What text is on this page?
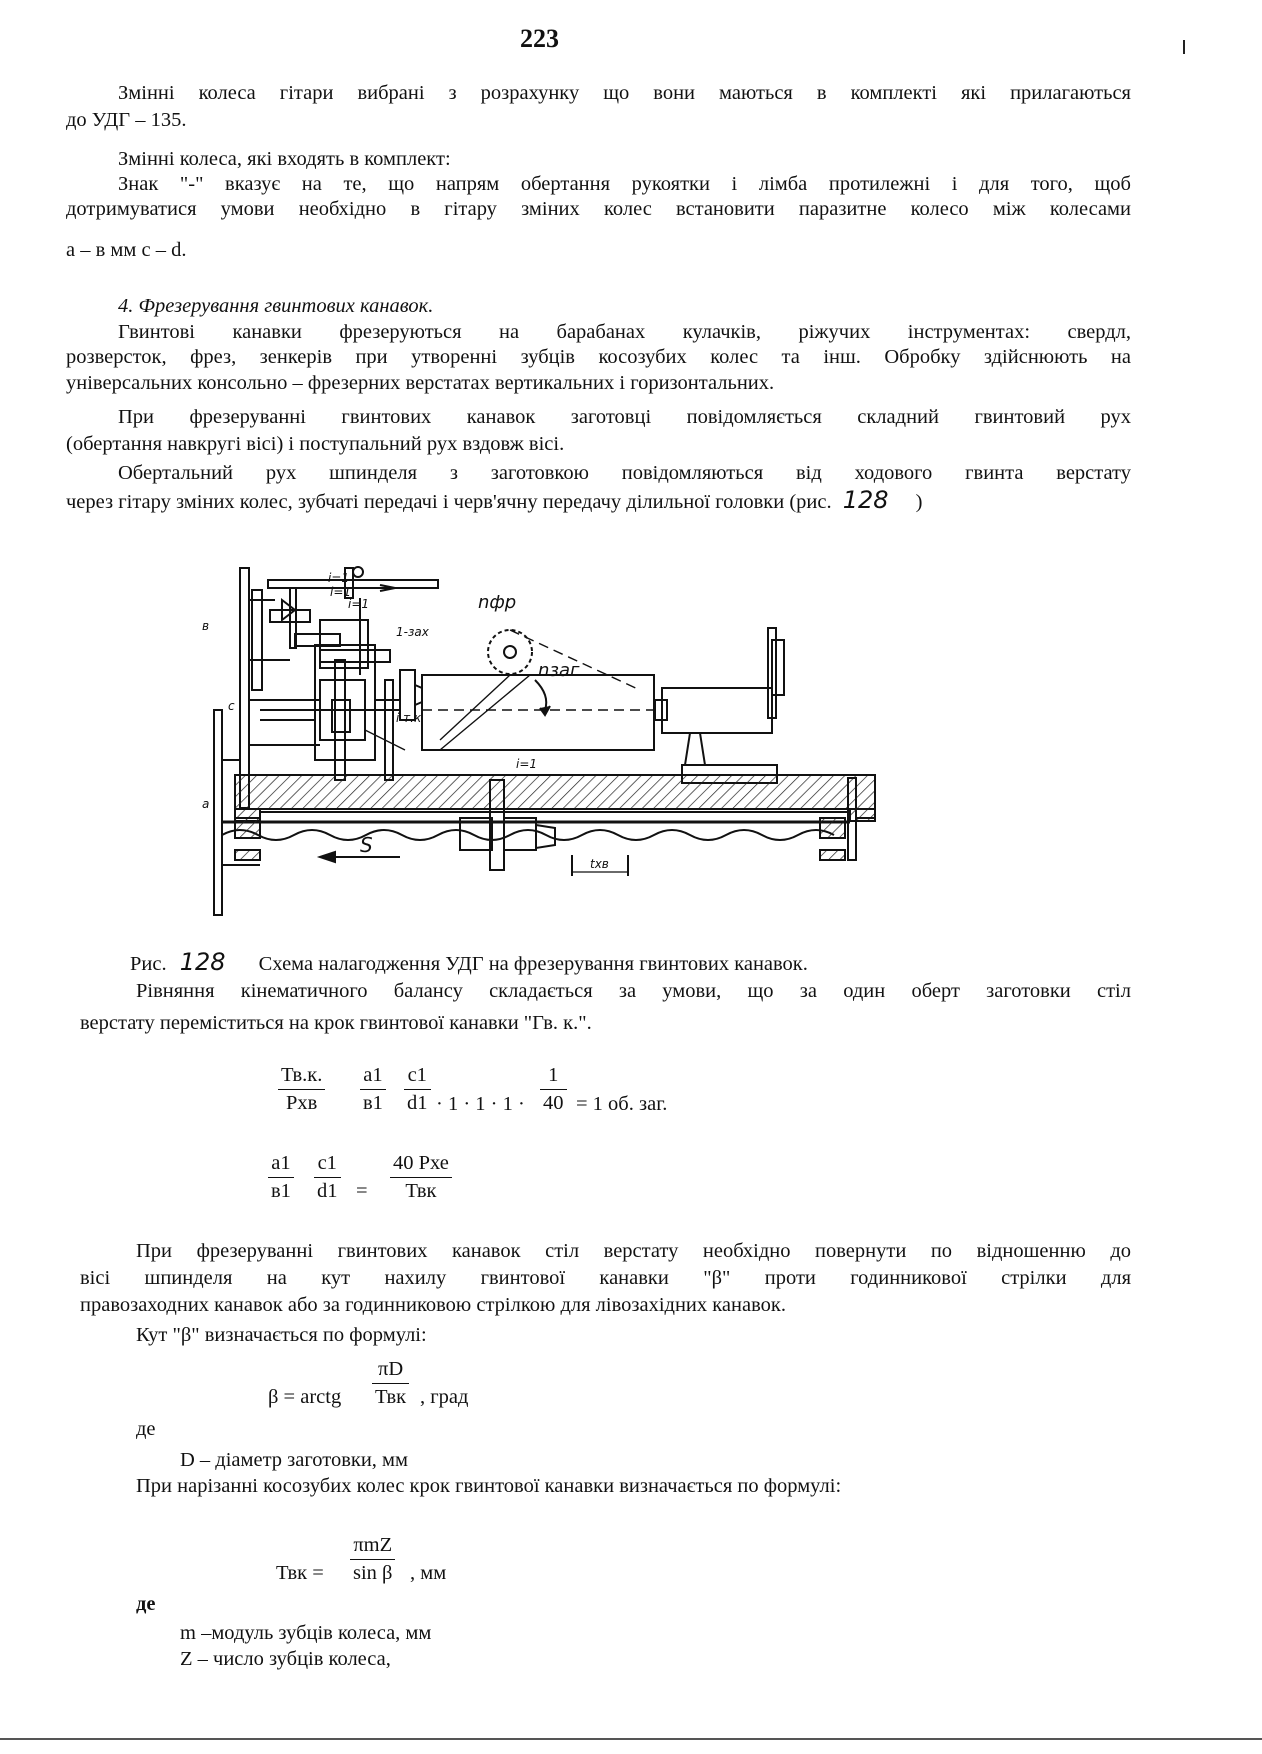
223
Змінні колеса гітари вибрані з розрахунку що вони маються в комплекті які прилагаються
до УДГ – 135.
Змінні колеса, які входять в комплект:
Знак "-" вказує на те, що напрям обертання рукоятки і лімба протилежні і для того, щоб
дотримуватися умови необхідно в гітару зміних колес встановити паразитне колесо між колесами
а – в мм с – d.
4. Фрезерування гвинтових канавок.
Гвинтові канавки фрезеруються на барабанах кулачків, ріжучих інструментах: свердл,
розверсток, фрез, зенкерів при утворенні зубців косозубих колес та інш. Обробку здійснюють на
універсальних консольно – фрезерних верстатах вертикальних і горизонтальних.
При фрезеруванні гвинтових канавок заготовці повідомляється складний гвинтовий рух
(обертання навкругі вісі) і поступальний рух вздовж вісі.
Обертальний рух шпинделя з заготовкою повідомляються від ходового гвинта верстату
через гітару зміних колес, зубчаті передачі і черв'ячну передачу ділильної головки (рис. 128 )
в
с
а
і=1
і=1
і=1
і=1
1-зах
і т.к
nфр
nзаг
S
tхв
Рис. 128 Схема налагодження УДГ на фрезерування гвинтових канавок.
Рівняння кінематичного балансу складається за умови, що за один оберт заготовки стіл
верстату переміститься на крок гвинтової канавки "Гв. к.".
Тв.к.
Рхв
а1
в1
с1
$d1 \cdot 1 \cdot 1 \cdot 1 \cdot \frac{1}{40} = 1$ об. заг.
а1
в1
с1
d1 =
40 Рхе
Твк
При фрезеруванні гвинтових канавок стіл верстату необхідно повернути по відношенню до
вісі шпинделя на кут нахилу гвинтової канавки "β" проти годинникової стрілки для
правозаходних канавок або за годинниковою стрілкою для лівозахідних канавок.
Кут "β" визначається по формулі:
β = arctg
πD
Твк , град
де
D – діаметр заготовки, мм
При нарізанні косозубих колес крок гвинтової канавки визначається по формулі:
Твк =
πmZ
sin β , мм
де
m –модуль зубців колеса, мм
Z – число зубців колеса,
